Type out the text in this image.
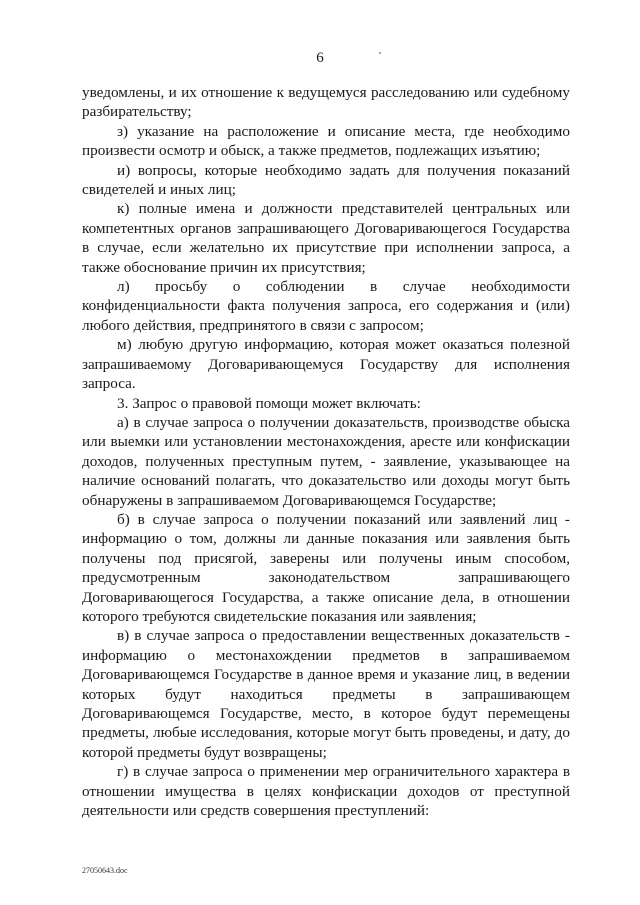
6

уведомлены, и их отношение к ведущемуся расследованию или судебному разбирательству;

з) указание на расположение и описание места, где необходимо произвести осмотр и обыск, а также предметов, подлежащих изъятию;

и) вопросы, которые необходимо задать для получения показаний свидетелей и иных лиц;

к) полные имена и должности представителей центральных или компетентных органов запрашивающего Договаривающегося Государства в случае, если желательно их присутствие при исполнении запроса, а также обоснование причин их присутствия;

л) просьбу о соблюдении в случае необходимости конфиденциальности факта получения запроса, его содержания и (или) любого действия, предпринятого в связи с запросом;

м) любую другую информацию, которая может оказаться полезной запрашиваемому Договаривающемуся Государству для исполнения запроса.

3. Запрос о правовой помощи может включать:

а) в случае запроса о получении доказательств, производстве обыска или выемки или установлении местонахождения, аресте или конфискации доходов, полученных преступным путем, - заявление, указывающее на наличие оснований полагать, что доказательство или доходы могут быть обнаружены в запрашиваемом Договаривающемся Государстве;

б) в случае запроса о получении показаний или заявлений лиц - информацию о том, должны ли данные показания или заявления быть получены под присягой, заверены или получены иным способом, предусмотренным законодательством запрашивающего Договаривающегося Государства, а также описание дела, в отношении которого требуются свидетельские показания или заявления;

в) в случае запроса о предоставлении вещественных доказательств - информацию о местонахождении предметов в запрашиваемом Договаривающемся Государстве в данное время и указание лиц, в ведении которых будут находиться предметы в запрашивающем Договаривающемся Государстве, место, в которое будут перемещены предметы, любые исследования, которые могут быть проведены, и дату, до которой предметы будут возвращены;

г) в случае запроса о применении мер ограничительного характера в отношении имущества в целях конфискации доходов от преступной деятельности или средств совершения преступлений:

27050643.doc
